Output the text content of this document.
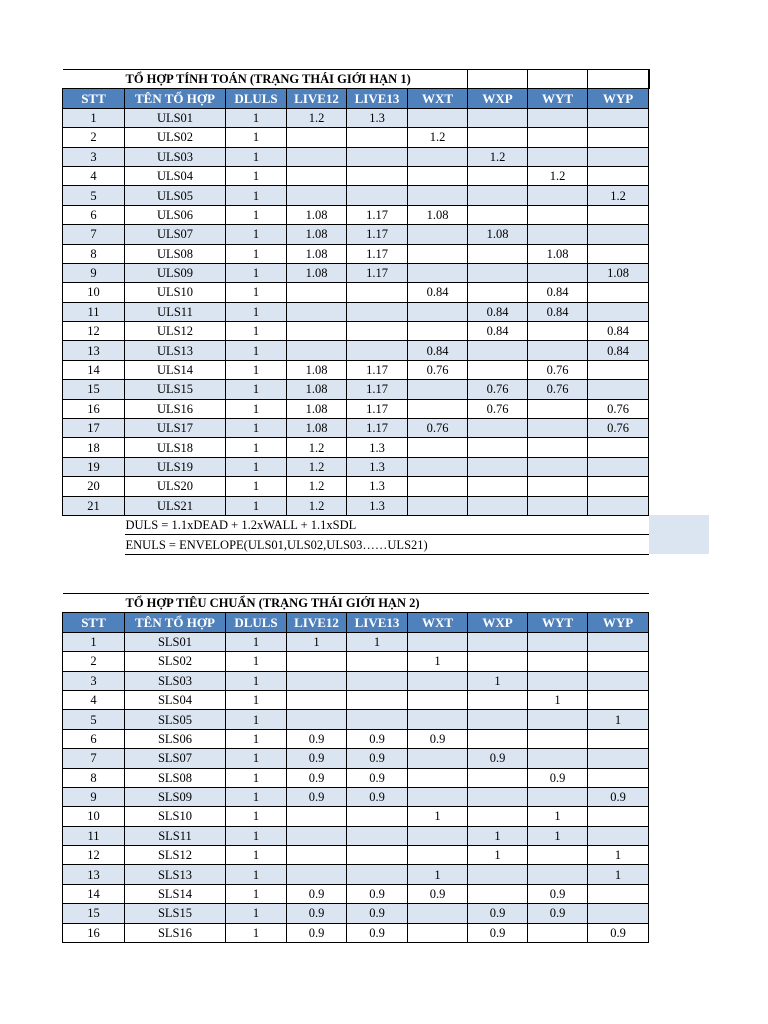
	TỔ HỢP TÍNH TOÁN (TRẠNG THÁI GIỚI HẠN 1)								
STT	TÊN TỔ HỢP	DLULS	LIVE12	LIVE13	WXT	WXP	WYT	WYP	
1	ULS01	1	1.2	1.3					
2	ULS02	1			1.2				
3	ULS03	1				1.2			
4	ULS04	1					1.2		
5	ULS05	1						1.2	
6	ULS06	1	1.08	1.17	1.08				
7	ULS07	1	1.08	1.17		1.08			
8	ULS08	1	1.08	1.17			1.08		
9	ULS09	1	1.08	1.17				1.08	
10	ULS10	1			0.84		0.84		
11	ULS11	1				0.84	0.84		
12	ULS12	1				0.84		0.84	
13	ULS13	1			0.84			0.84	
14	ULS14	1	1.08	1.17	0.76		0.76		
15	ULS15	1	1.08	1.17		0.76	0.76		
16	ULS16	1	1.08	1.17		0.76		0.76	
17	ULS17	1	1.08	1.17	0.76			0.76	
18	ULS18	1	1.2	1.3					
19	ULS19	1	1.2	1.3					
20	ULS20	1	1.2	1.3					
21	ULS21	1	1.2	1.3					
	DULS = 1.1xDEAD + 1.2xWALL + 1.1xSDL								
	ENULS = ENVELOPE(ULS01,ULS02,ULS03……ULS21)								
	TỔ HỢP TIÊU CHUẨN (TRẠNG THÁI GIỚI HẠN 2)							
STT	TÊN TỔ HỢP	DLULS	LIVE12	LIVE13	WXT	WXP	WYT	WYP
1	SLS01	1	1	1				
2	SLS02	1			1			
3	SLS03	1				1		
4	SLS04	1					1	
5	SLS05	1						1
6	SLS06	1	0.9	0.9	0.9			
7	SLS07	1	0.9	0.9		0.9		
8	SLS08	1	0.9	0.9			0.9	
9	SLS09	1	0.9	0.9				0.9
10	SLS10	1			1		1	
11	SLS11	1				1	1	
12	SLS12	1				1		1
13	SLS13	1			1			1
14	SLS14	1	0.9	0.9	0.9		0.9	
15	SLS15	1	0.9	0.9		0.9	0.9	
16	SLS16	1	0.9	0.9		0.9		0.9
